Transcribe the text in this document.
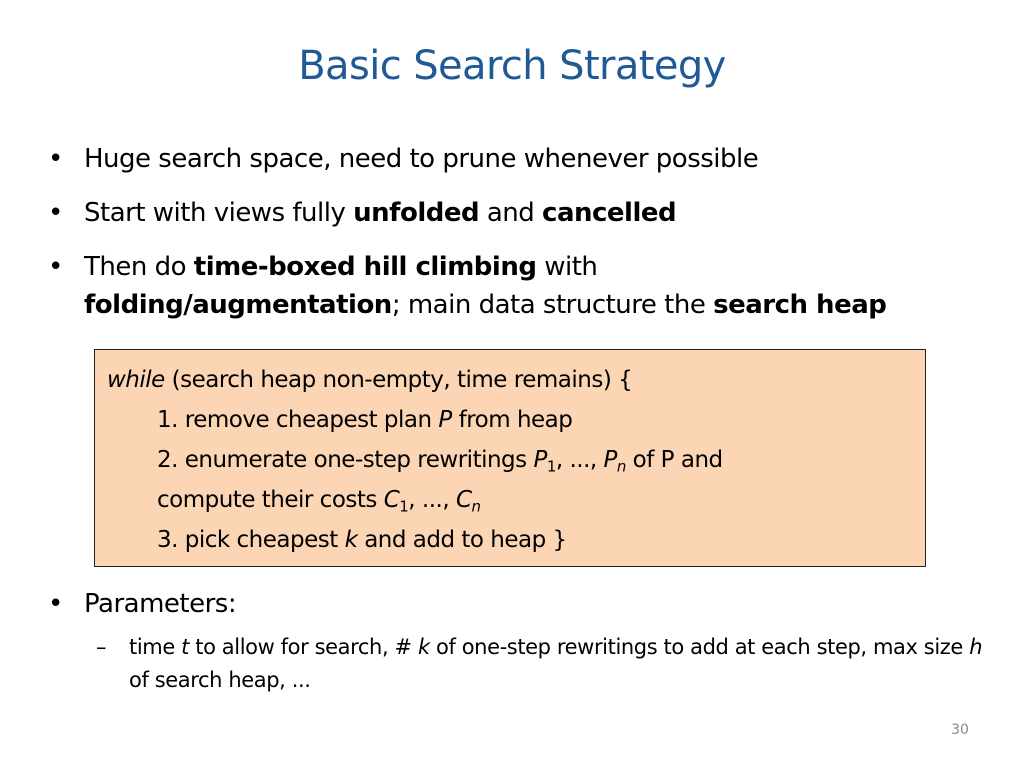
Basic Search Strategy
• Huge search space, need to prune whenever possible
• Start with views fully unfolded and cancelled
• Then do time-boxed hill climbing with
folding/augmentation; main data structure the search heap
while (search heap non-empty, time remains) {
1. remove cheapest plan P from heap
2. enumerate one-step rewritings $P_1$, ..., $P_n$ of P and
compute their costs $C_1$, ..., $C_n$
3. pick cheapest k and add to heap }
• Parameters:
– time t to allow for search, # k of one-step rewritings to add at each step, max size h of search heap, ...
30
